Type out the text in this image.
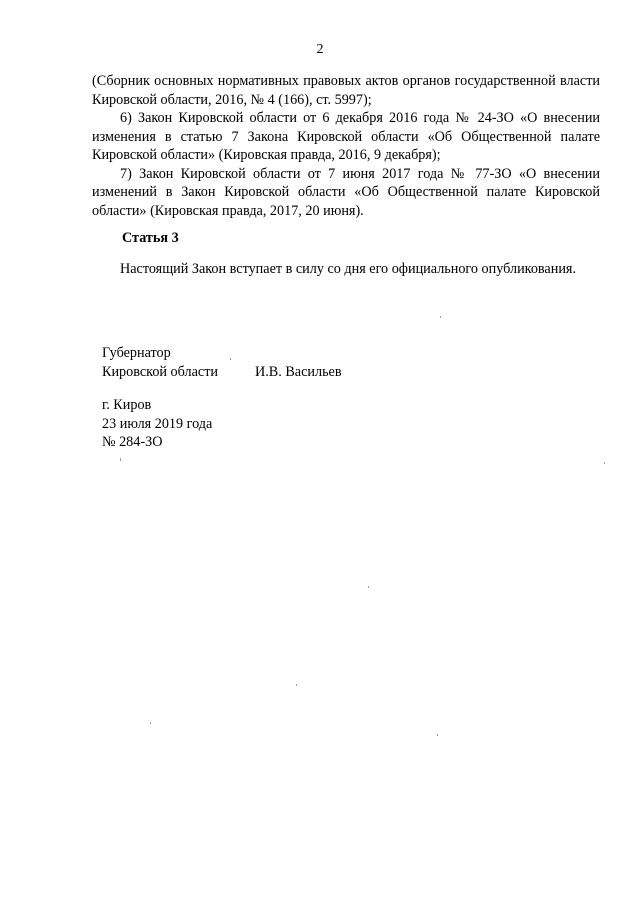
2

(Сборник основных нормативных правовых актов органов государственной власти Кировской области, 2016, № 4 (166), ст. 5997);

6) Закон Кировской области от 6 декабря 2016 года № 24-ЗО «О внесении изменения в статью 7 Закона Кировской области «Об Общественной палате Кировской области» (Кировская правда, 2016, 9 декабря);

7) Закон Кировской области от 7 июня 2017 года № 77-ЗО «О внесении изменений в Закон Кировской области «Об Общественной палате Кировской области» (Кировская правда, 2017, 20 июня).

Статья 3

Настоящий Закон вступает в силу со дня его официального опубликования.

Губернатор
Кировской области	И.В. Васильев
г. Киров
23 июля 2019 года
№ 284-ЗО
